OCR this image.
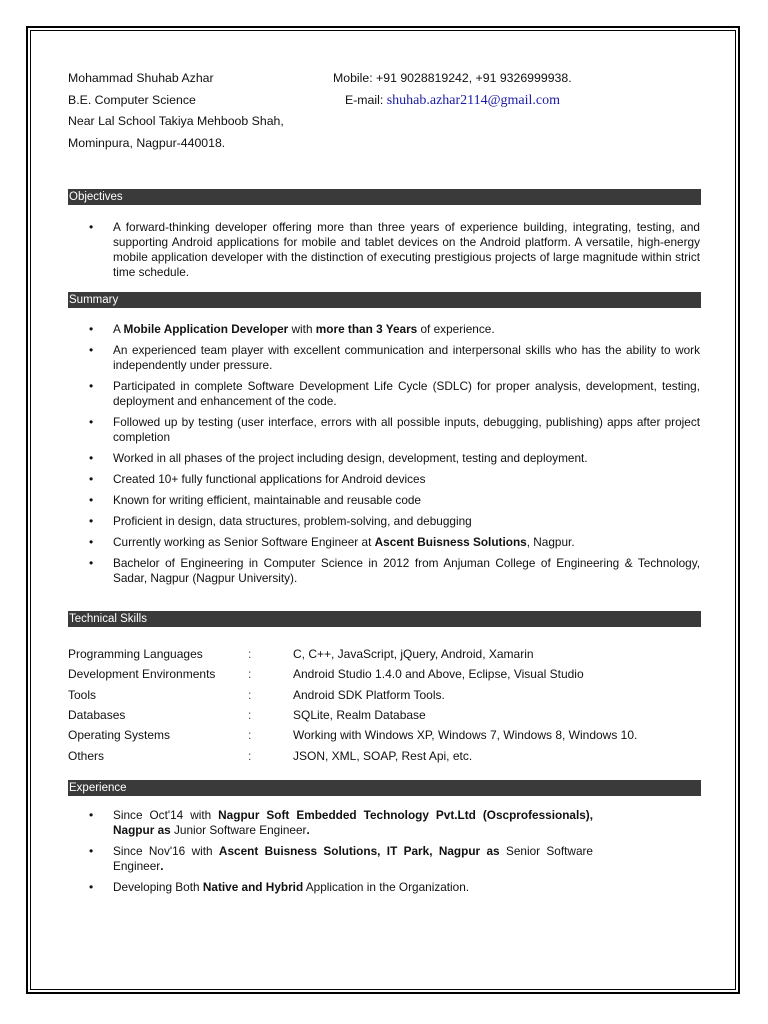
Mohammad Shuhab Azhar
B.E. Computer Science
Near Lal School Takiya Mehboob Shah,
Mominpura, Nagpur-440018.
Mobile: +91 9028819242, +91 9326999938.
E-mail: shuhab.azhar2114@gmail.com
Objectives
• A forward-thinking developer offering more than three years of experience building, integrating, testing, and supporting Android applications for mobile and tablet devices on the Android platform. A versatile, high-energy mobile application developer with the distinction of executing prestigious projects of large magnitude within strict time schedule.
Summary
• A Mobile Application Developer with more than 3 Years of experience.
• An experienced team player with excellent communication and interpersonal skills who has the ability to work independently under pressure.
• Participated in complete Software Development Life Cycle (SDLC) for proper analysis, development, testing, deployment and enhancement of the code.
• Followed up by testing (user interface, errors with all possible inputs, debugging, publishing) apps after project completion
• Worked in all phases of the project including design, development, testing and deployment.
• Created 10+ fully functional applications for Android devices
• Known for writing efficient, maintainable and reusable code
• Proficient in design, data structures, problem-solving, and debugging
• Currently working as Senior Software Engineer at Ascent Buisness Solutions, Nagpur.
• Bachelor of Engineering in Computer Science in 2012 from Anjuman College of Engineering & Technology, Sadar, Nagpur (Nagpur University).
Technical Skills
Programming Languages	:	C, C++, JavaScript, jQuery, Android, Xamarin
Development Environments	:	Android Studio 1.4.0 and Above, Eclipse, Visual Studio
Tools	:	Android SDK Platform Tools.
Databases	:	SQLite, Realm Database
Operating Systems	:	Working with Windows XP, Windows 7, Windows 8, Windows 10.
Others	:	JSON, XML, SOAP, Rest Api, etc.
Experience
• Since Oct'14 with Nagpur Soft Embedded Technology Pvt.Ltd (Oscprofessionals), Nagpur as Junior Software Engineer.
• Since Nov'16 with Ascent Buisness Solutions, IT Park, Nagpur as Senior Software Engineer.
• Developing Both Native and Hybrid Application in the Organization.
